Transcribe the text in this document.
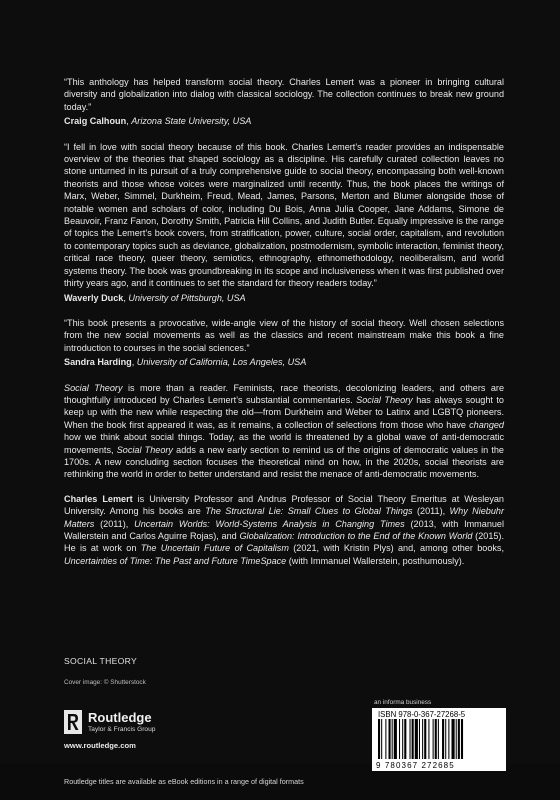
“This anthology has helped transform social theory. Charles Lemert was a pioneer in bringing cultural diversity and globalization into dialog with classical sociology. The collection continues to break new ground today.”

Craig Calhoun, Arizona State University, USA

“I fell in love with social theory because of this book. Charles Lemert’s reader provides an indispensable overview of the theories that shaped sociology as a discipline. His carefully curated collection leaves no stone unturned in its pursuit of a truly comprehensive guide to social theory, encompassing both well-known theorists and those whose voices were marginalized until recently. Thus, the book places the writings of Marx, Weber, Simmel, Durkheim, Freud, Mead, James, Parsons, Merton and Blumer alongside those of notable women and scholars of color, including Du Bois, Anna Julia Cooper, Jane Addams, Simone de Beauvoir, Franz Fanon, Dorothy Smith, Patricia Hill Collins, and Judith Butler. Equally impressive is the range of topics the Lemert’s book covers, from stratification, power, culture, social order, capitalism, and revolution to contemporary topics such as deviance, globalization, postmodernism, symbolic interaction, feminist theory, critical race theory, queer theory, semiotics, ethnography, ethnomethodology, neoliberalism, and world systems theory. The book was groundbreaking in its scope and inclusiveness when it was first published over thirty years ago, and it continues to set the standard for theory readers today.”

Waverly Duck, University of Pittsburgh, USA

“This book presents a provocative, wide-angle view of the history of social theory. Well chosen selections from the new social movements as well as the classics and recent mainstream make this book a fine introduction to courses in the social sciences.”

Sandra Harding, University of California, Los Angeles, USA

Social Theory is more than a reader. Feminists, race theorists, decolonizing leaders, and others are thoughtfully introduced by Charles Lemert’s substantial commentaries. Social Theory has always sought to keep up with the new while respecting the old—from Durkheim and Weber to Latinx and LGBTQ pioneers. When the book first appeared it was, as it remains, a collection of selections from those who have changed how we think about social things. Today, as the world is threatened by a global wave of anti-democratic movements, Social Theory adds a new early section to remind us of the origins of democratic values in the 1700s. A new concluding section focuses the theoretical mind on how, in the 2020s, social theorists are rethinking the world in order to better understand and resist the menace of anti-democratic movements.

Charles Lemert is University Professor and Andrus Professor of Social Theory Emeritus at Wesleyan University. Among his books are The Structural Lie: Small Clues to Global Things (2011), Why Niebuhr Matters (2011), Uncertain Worlds: World-Systems Analysis in Changing Times (2013, with Immanuel Wallerstein and Carlos Aguirre Rojas), and Globalization: Introduction to the End of the Known World (2015). He is at work on The Uncertain Future of Capitalism (2021, with Kristin Plys) and, among other books, Uncertainties of Time: The Past and Future TimeSpace (with Immanuel Wallerstein, posthumously).

SOCIAL THEORY
Cover image: © Shutterstock
Routledge
Taylor & Francis Group
www.routledge.com
an informa business
ISBN 978-0-367-27268-5
9 780367 272685
Routledge titles are available as eBook editions in a range of digital formats
